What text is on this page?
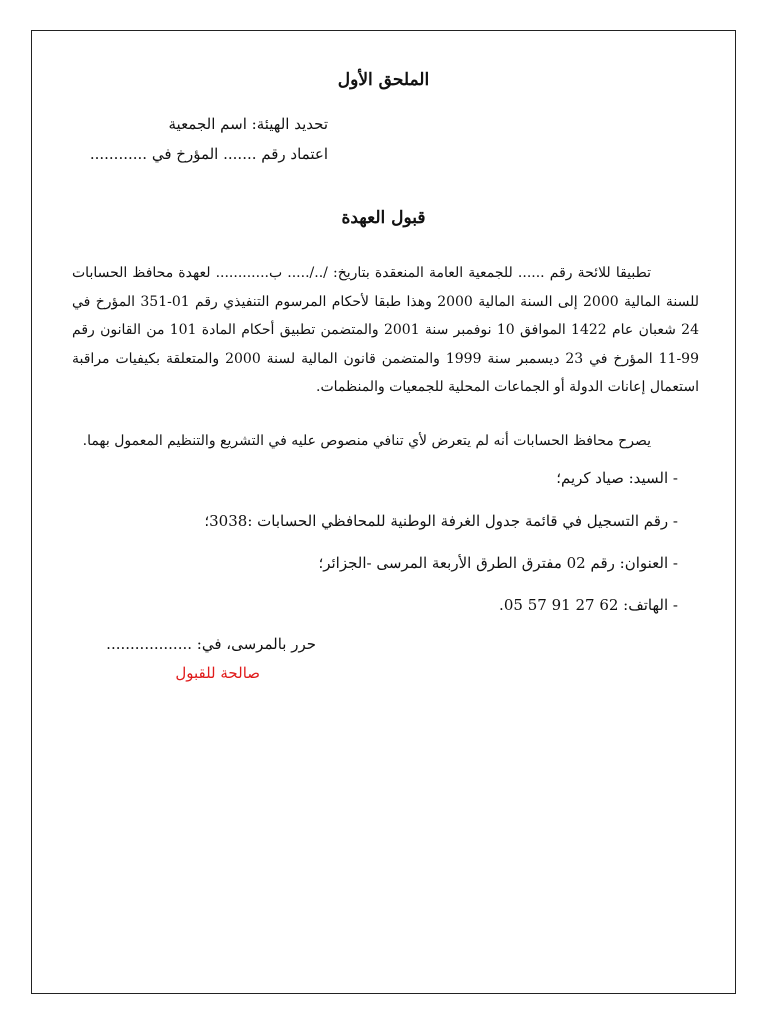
الملحق الأول
تحديد الهيئة: اسم الجمعية
اعتماد رقم ....... المؤرخ في ............
قبول العهدة
تطبيقا للائحة رقم ...... للجمعية العامة المنعقدة بتاريخ: /../..... ب............ لعهدة محافظ الحسابات للسنة المالية 2000 إلى السنة المالية 2000 وهذا طبقا لأحكام المرسوم التنفيذي رقم 01-351 المؤرخ في 24 شعبان عام 1422 الموافق 10 نوفمبر سنة 2001 والمتضمن تطبيق أحكام المادة 101 من القانون رقم 99-11 المؤرخ في 23 ديسمبر سنة 1999 والمتضمن قانون المالية لسنة 2000 والمتعلقة بكيفيات مراقبة استعمال إعانات الدولة أو الجماعات المحلية للجمعيات والمنظمات.
يصرح محافظ الحسابات أنه لم يتعرض لأي تنافي منصوص عليه في التشريع والتنظيم المعمول بهما.
- السيد: صياد كريم؛
- رقم التسجيل في قائمة جدول الغرفة الوطنية للمحافظي الحسابات :3038؛
- العنوان: رقم 02 مفترق الطرق الأربعة المرسى -الجزائر؛
- الهاتف: 62 27 91 57 05.
حرر بالمرسى، في: ..................
صالحة للقبول
